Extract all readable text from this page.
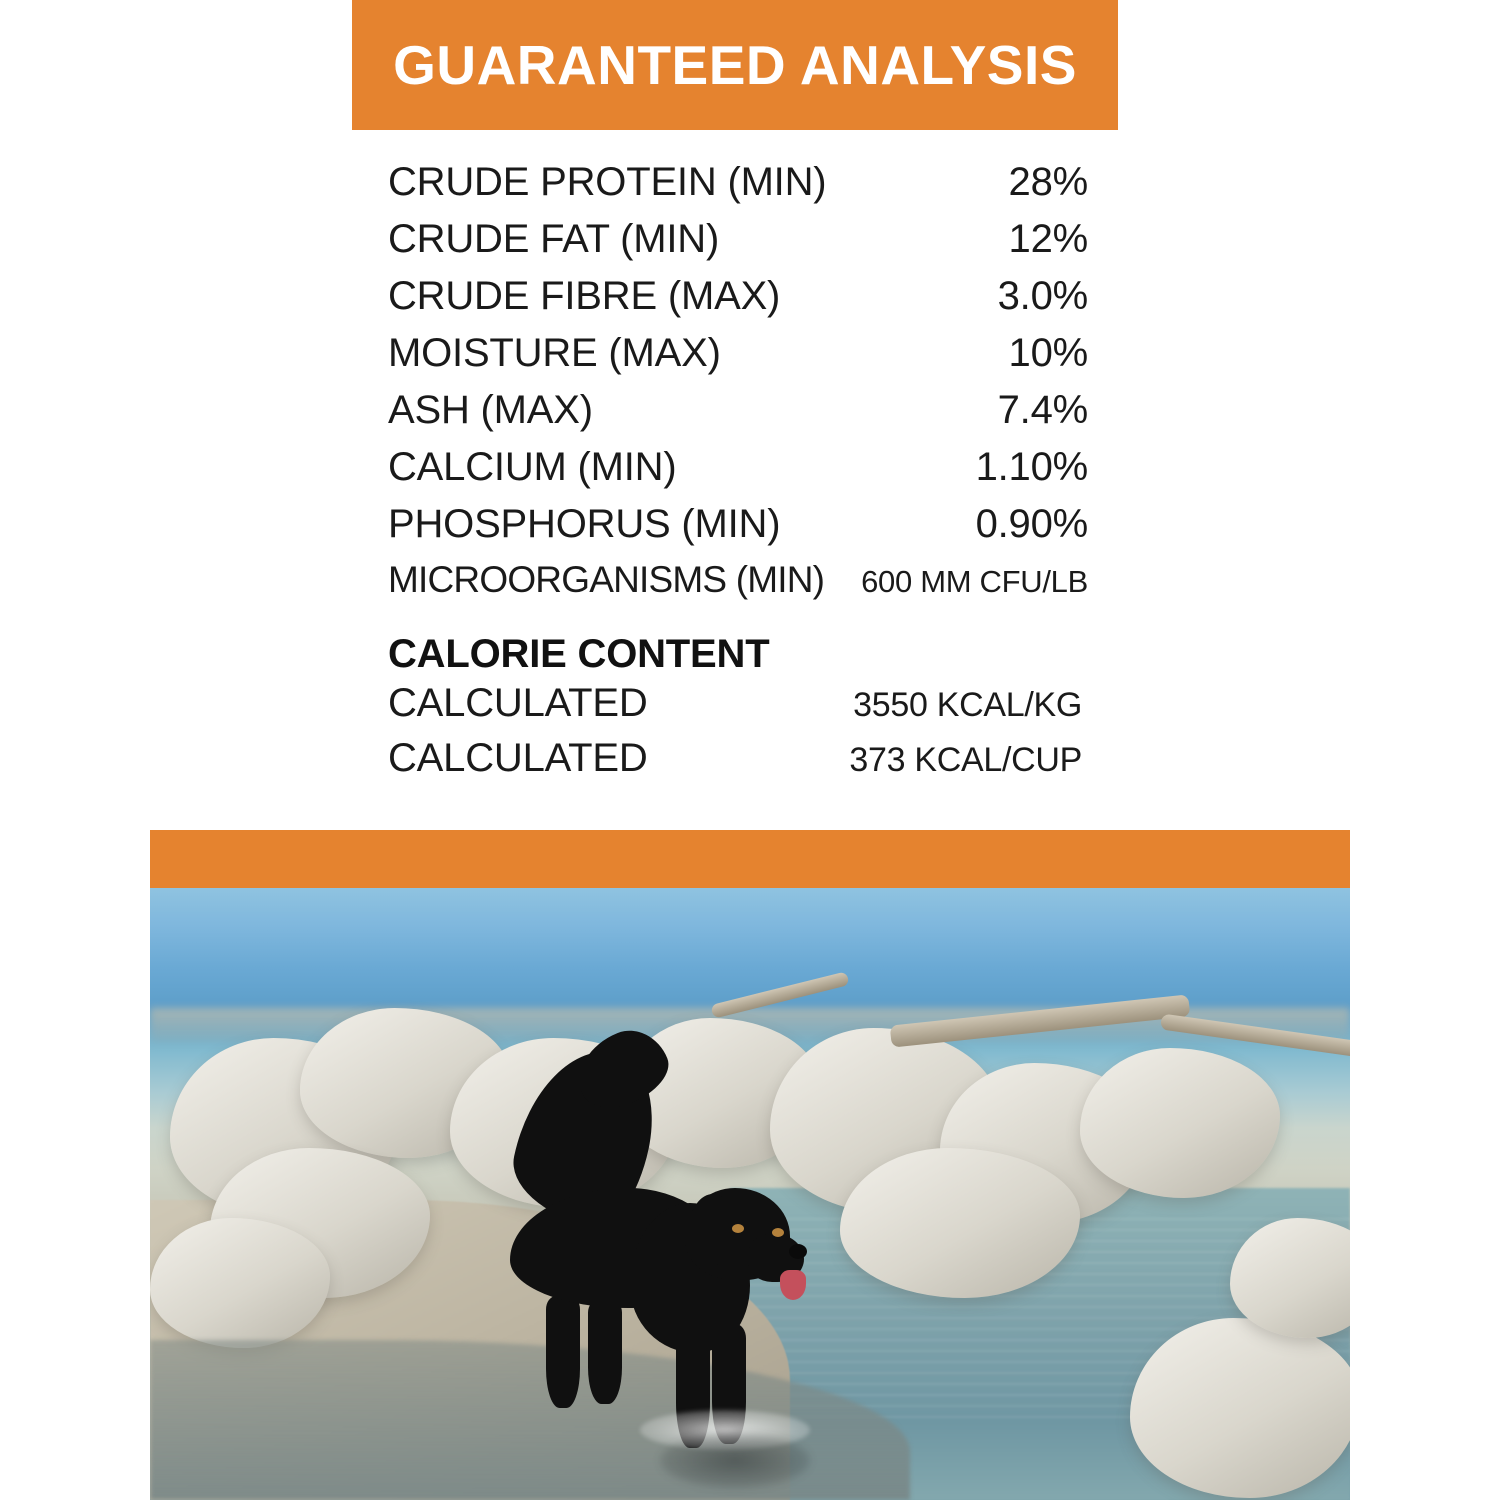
GUARANTEED ANALYSIS
CRUDE PROTEIN (MIN)	28%
CRUDE FAT (MIN)	12%
CRUDE FIBRE (MAX)	3.0%
MOISTURE (MAX)	10%
ASH (MAX)	7.4%
CALCIUM (MIN)	1.10%
PHOSPHORUS (MIN)	0.90%
MICROORGANISMS (MIN) 600 MM CFU/LB
CALORIE CONTENT
CALCULATED	3550 KCAL/KG
CALCULATED	373 KCAL/CUP
